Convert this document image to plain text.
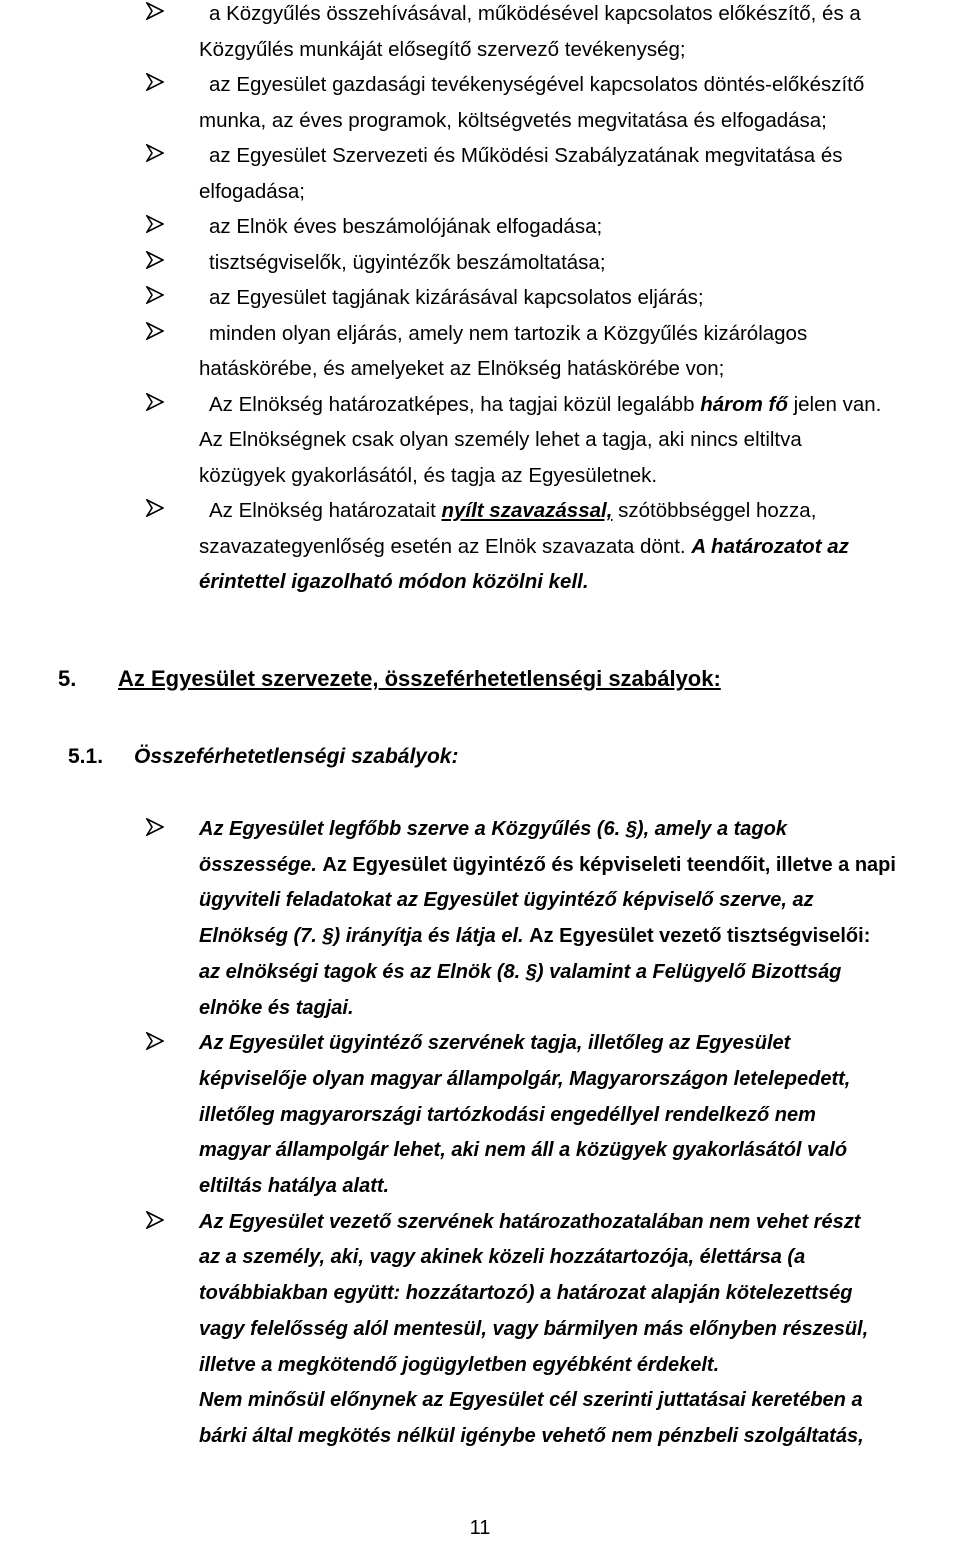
a Közgyűlés összehívásával, működésével kapcsolatos előkészítő, és a
Közgyűlés munkáját elősegítő szervező tevékenység;
az Egyesület gazdasági tevékenységével kapcsolatos döntés-előkészítő
munka, az éves programok, költségvetés megvitatása és elfogadása;
az Egyesület Szervezeti és Működési Szabályzatának megvitatása és
elfogadása;
az Elnök éves beszámolójának elfogadása;
tisztségviselők, ügyintézők beszámoltatása;
az Egyesület tagjának kizárásával kapcsolatos eljárás;
minden olyan eljárás, amely nem tartozik a Közgyűlés kizárólagos
hatáskörébe, és amelyeket az Elnökség hatáskörébe von;
Az Elnökség határozatképes, ha tagjai közül legalább három fő jelen van.
Az Elnökségnek csak olyan személy lehet a tagja, aki nincs eltiltva
közügyek gyakorlásától, és tagja az Egyesületnek.
Az Elnökség határozatait nyílt szavazással, szótöbbséggel hozza,
szavazategyenlőség esetén az Elnök szavazata dönt. A határozatot az
érintettel igazolható módon közölni kell.
5. Az Egyesület szervezete, összeférhetetlenségi szabályok:
5.1. Összeférhetetlenségi szabályok:
Az Egyesület legfőbb szerve a Közgyűlés (6. §), amely a tagok
összessége. Az Egyesület ügyintéző és képviseleti teendőit, illetve a napi
ügyviteli feladatokat az Egyesület ügyintéző képviselő szerve, az
Elnökség (7. §) irányítja és látja el. Az Egyesület vezető tisztségviselői:
az elnökségi tagok és az Elnök (8. §) valamint a Felügyelő Bizottság
elnöke és tagjai.
Az Egyesület ügyintéző szervének tagja, illetőleg az Egyesület
képviselője olyan magyar állampolgár, Magyarországon letelepedett,
illetőleg magyarországi tartózkodási engedéllyel rendelkező nem
magyar állampolgár lehet, aki nem áll a közügyek gyakorlásától való
eltiltás hatálya alatt.
Az Egyesület vezető szervének határozathozatalában nem vehet részt
az a személy, aki, vagy akinek közeli hozzátartozója, élettársa (a
továbbiakban együtt: hozzátartozó) a határozat alapján kötelezettség
vagy felelősség alól mentesül, vagy bármilyen más előnyben részesül,
illetve a megkötendő jogügyletben egyébként érdekelt.
Nem minősül előnynek az Egyesület cél szerinti juttatásai keretében a
bárki által megkötés nélkül igénybe vehető nem pénzbeli szolgáltatás,
11
